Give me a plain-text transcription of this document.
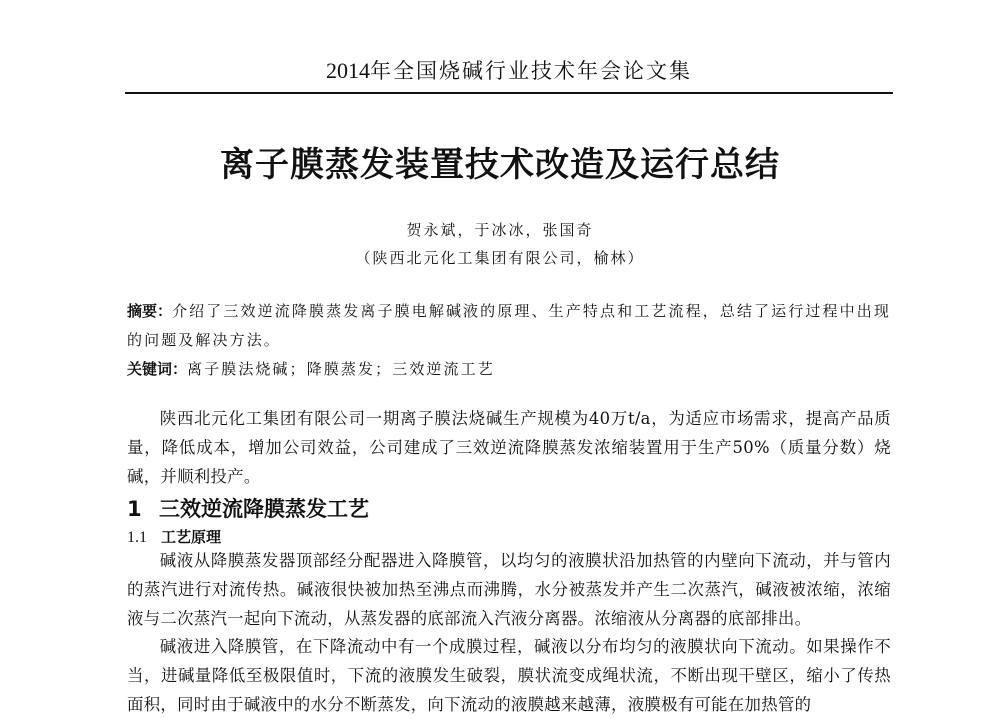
2014年全国烧碱行业技术年会论文集
离子膜蒸发装置技术改造及运行总结
贺永斌，于冰冰，张国奇
（陕西北元化工集团有限公司，榆林）
摘要：介绍了三效逆流降膜蒸发离子膜电解碱液的原理、生产特点和工艺流程，总结了运行过程中出现的问题及解决方法。
关键词：离子膜法烧碱；降膜蒸发；三效逆流工艺
陕西北元化工集团有限公司一期离子膜法烧碱生产规模为40万t/a，为适应市场需求，提高产品质量，降低成本，增加公司效益，公司建成了三效逆流降膜蒸发浓缩装置用于生产50%（质量分数）烧碱，并顺利投产。
1 三效逆流降膜蒸发工艺
1.1 工艺原理
碱液从降膜蒸发器顶部经分配器进入降膜管，以均匀的液膜状沿加热管的内壁向下流动，并与管内的蒸汽进行对流传热。碱液很快被加热至沸点而沸腾，水分被蒸发并产生二次蒸汽，碱液被浓缩，浓缩液与二次蒸汽一起向下流动，从蒸发器的底部流入汽液分离器。浓缩液从分离器的底部排出。
碱液进入降膜管，在下降流动中有一个成膜过程，碱液以分布均匀的液膜状向下流动。如果操作不当，进碱量降低至极限值时，下流的液膜发生破裂，膜状流变成绳状流，不断出现干壁区，缩小了传热面积，同时由于碱液中的水分不断蒸发，向下流动的液膜越来越薄，液膜极有可能在加热管的
